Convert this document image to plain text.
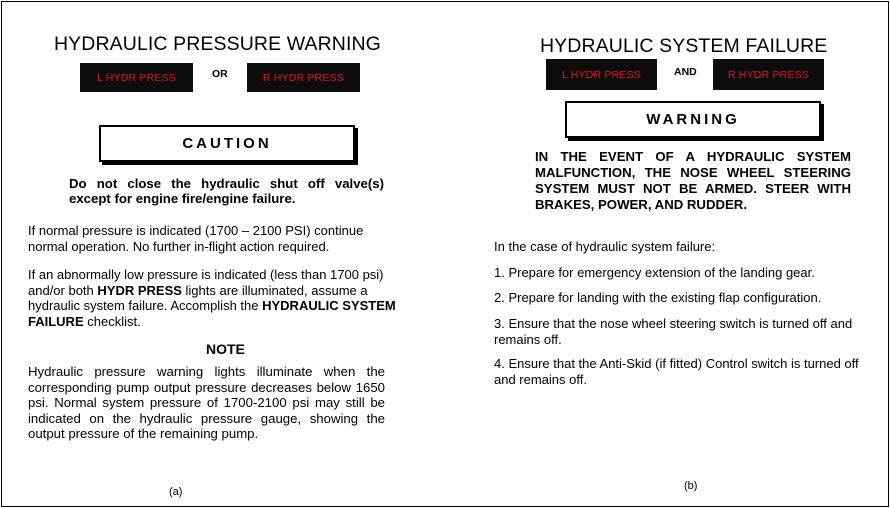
HYDRAULIC PRESSURE WARNING
L HYDR PRESS	OR	R HYDR PRESS
CAUTION

Do not close the hydraulic shut off valve(s) except for engine fire/engine failure.

If normal pressure is indicated (1700 – 2100 PSI) continue normal operation. No further in-flight action required.

If an abnormally low pressure is indicated (less than 1700 psi) and/or both HYDR PRESS lights are illuminated, assume a hydraulic system failure. Accomplish the HYDRAULIC SYSTEM FAILURE checklist.

NOTE

Hydraulic pressure warning lights illuminate when the corresponding pump output pressure decreases below 1650 psi. Normal system pressure of 1700-2100 psi may still be indicated on the hydraulic pressure gauge, showing the output pressure of the remaining pump.

(a)
HYDRAULIC SYSTEM FAILURE
L HYDR PRESS	AND	R HYDR PRESS
WARNING

IN THE EVENT OF A HYDRAULIC SYSTEM MALFUNCTION, THE NOSE WHEEL STEERING SYSTEM MUST NOT BE ARMED. STEER WITH BRAKES, POWER, AND RUDDER.

In the case of hydraulic system failure:

1. Prepare for emergency extension of the landing gear.

2. Prepare for landing with the existing flap configuration.

3. Ensure that the nose wheel steering switch is turned off and remains off.

4. Ensure that the Anti-Skid (if fitted) Control switch is turned off and remains off.

(b)
